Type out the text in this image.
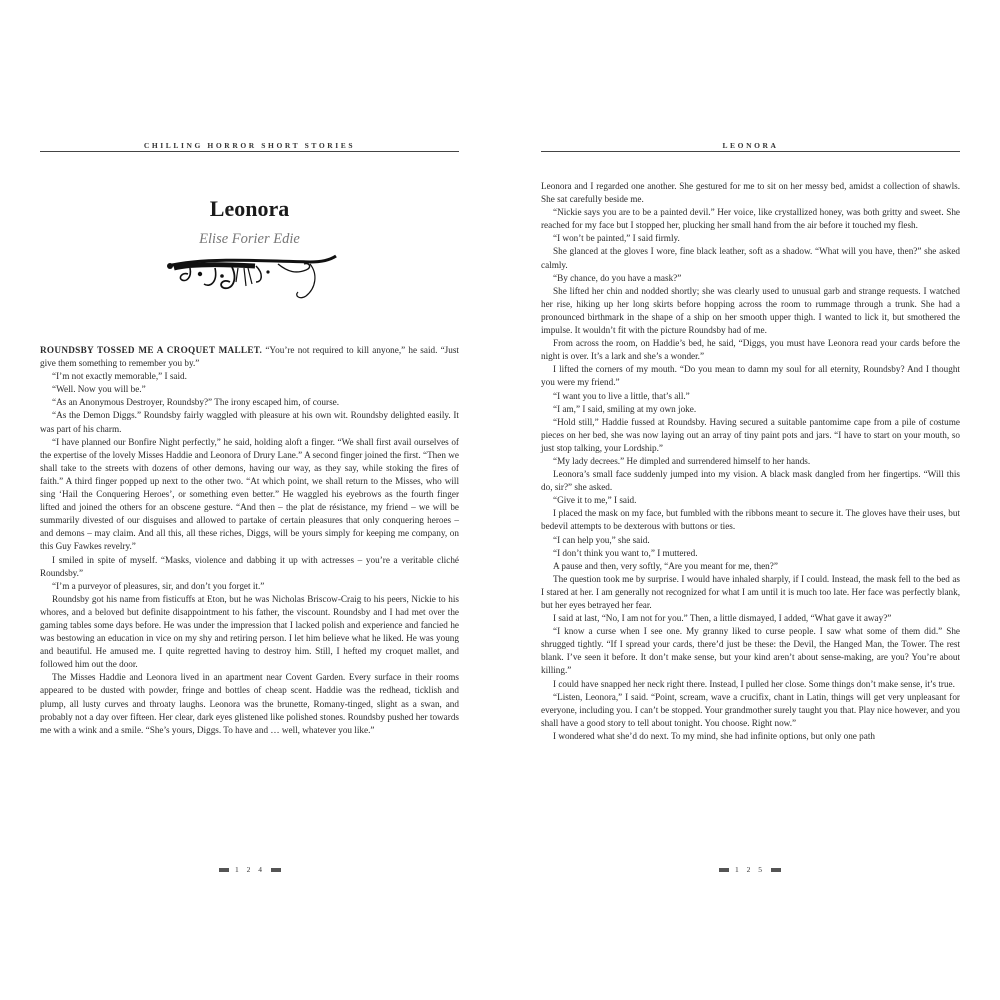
CHILLING HORROR SHORT STORIES
Leonora
Elise Forier Edie

ROUNDSBY TOSSED ME A CROQUET MALLET. “You’re not required to kill anyone,” he said. “Just give them something to remember you by.”

“I’m not exactly memorable,” I said.

“Well. Now you will be.”

“As an Anonymous Destroyer, Roundsby?” The irony escaped him, of course.

“As the Demon Diggs.” Roundsby fairly waggled with pleasure at his own wit. Roundsby delighted easily. It was part of his charm.

“I have planned our Bonfire Night perfectly,” he said, holding aloft a finger. “We shall first avail ourselves of the expertise of the lovely Misses Haddie and Leonora of Drury Lane.” A second finger joined the first. “Then we shall take to the streets with dozens of other demons, having our way, as they say, while stoking the fires of faith.” A third finger popped up next to the other two. “At which point, we shall return to the Misses, who will sing ‘Hail the Conquering Heroes’, or something even better.” He waggled his eyebrows as the fourth finger lifted and joined the others for an obscene gesture. “And then – the plat de résistance, my friend – we will be summarily divested of our disguises and allowed to partake of certain pleasures that only conquering heroes – and demons – may claim. And all this, all these riches, Diggs, will be yours simply for keeping me company, on this Guy Fawkes revelry.”

I smiled in spite of myself. “Masks, violence and dabbing it up with actresses – you’re a veritable cliché Roundsby.”

“I’m a purveyor of pleasures, sir, and don’t you forget it.”

Roundsby got his name from fisticuffs at Eton, but he was Nicholas Briscow-Craig to his peers, Nickie to his whores, and a beloved but definite disappointment to his father, the viscount. Roundsby and I had met over the gaming tables some days before. He was under the impression that I lacked polish and experience and fancied he was bestowing an education in vice on my shy and retiring person. I let him believe what he liked. He was young and beautiful. He amused me. I quite regretted having to destroy him. Still, I hefted my croquet mallet, and followed him out the door.

The Misses Haddie and Leonora lived in an apartment near Covent Garden. Every surface in their rooms appeared to be dusted with powder, fringe and bottles of cheap scent. Haddie was the redhead, ticklish and plump, all lusty curves and throaty laughs. Leonora was the brunette, Romany-tinged, slight as a swan, and probably not a day over fifteen. Her clear, dark eyes glistened like polished stones. Roundsby pushed her towards me with a wink and a smile. “She’s yours, Diggs. To have and … well, whatever you like.”

1 2 4
LEONORA

Leonora and I regarded one another. She gestured for me to sit on her messy bed, amidst a collection of shawls. She sat carefully beside me.

“Nickie says you are to be a painted devil.” Her voice, like crystallized honey, was both gritty and sweet. She reached for my face but I stopped her, plucking her small hand from the air before it touched my flesh.

“I won’t be painted,” I said firmly.

She glanced at the gloves I wore, fine black leather, soft as a shadow. “What will you have, then?” she asked calmly.

“By chance, do you have a mask?”

She lifted her chin and nodded shortly; she was clearly used to unusual garb and strange requests. I watched her rise, hiking up her long skirts before hopping across the room to rummage through a trunk. She had a pronounced birthmark in the shape of a ship on her smooth upper thigh. I wanted to lick it, but smothered the impulse. It wouldn’t fit with the picture Roundsby had of me.

From across the room, on Haddie’s bed, he said, “Diggs, you must have Leonora read your cards before the night is over. It’s a lark and she’s a wonder.”

I lifted the corners of my mouth. “Do you mean to damn my soul for all eternity, Roundsby? And I thought you were my friend.”

“I want you to live a little, that’s all.”

“I am,” I said, smiling at my own joke.

“Hold still,” Haddie fussed at Roundsby. Having secured a suitable pantomime cape from a pile of costume pieces on her bed, she was now laying out an array of tiny paint pots and jars. “I have to start on your mouth, so just stop talking, your Lordship.”

“My lady decrees.” He dimpled and surrendered himself to her hands.

Leonora’s small face suddenly jumped into my vision. A black mask dangled from her fingertips. “Will this do, sir?” she asked.

“Give it to me,” I said.

I placed the mask on my face, but fumbled with the ribbons meant to secure it. The gloves have their uses, but bedevil attempts to be dexterous with buttons or ties.

“I can help you,” she said.

“I don’t think you want to,” I muttered.

A pause and then, very softly, “Are you meant for me, then?”

The question took me by surprise. I would have inhaled sharply, if I could. Instead, the mask fell to the bed as I stared at her. I am generally not recognized for what I am until it is much too late. Her face was perfectly blank, but her eyes betrayed her fear.

I said at last, “No, I am not for you.” Then, a little dismayed, I added, “What gave it away?”

“I know a curse when I see one. My granny liked to curse people. I saw what some of them did.” She shrugged tightly. “If I spread your cards, there’d just be these: the Devil, the Hanged Man, the Tower. The rest blank. I’ve seen it before. It don’t make sense, but your kind aren’t about sense-making, are you? You’re about killing.”

I could have snapped her neck right there. Instead, I pulled her close. Some things don’t make sense, it’s true.

“Listen, Leonora,” I said. “Point, scream, wave a crucifix, chant in Latin, things will get very unpleasant for everyone, including you. I can’t be stopped. Your grandmother surely taught you that. Play nice however, and you shall have a good story to tell about tonight. You choose. Right now.”

I wondered what she’d do next. To my mind, she had infinite options, but only one path

1 2 5
